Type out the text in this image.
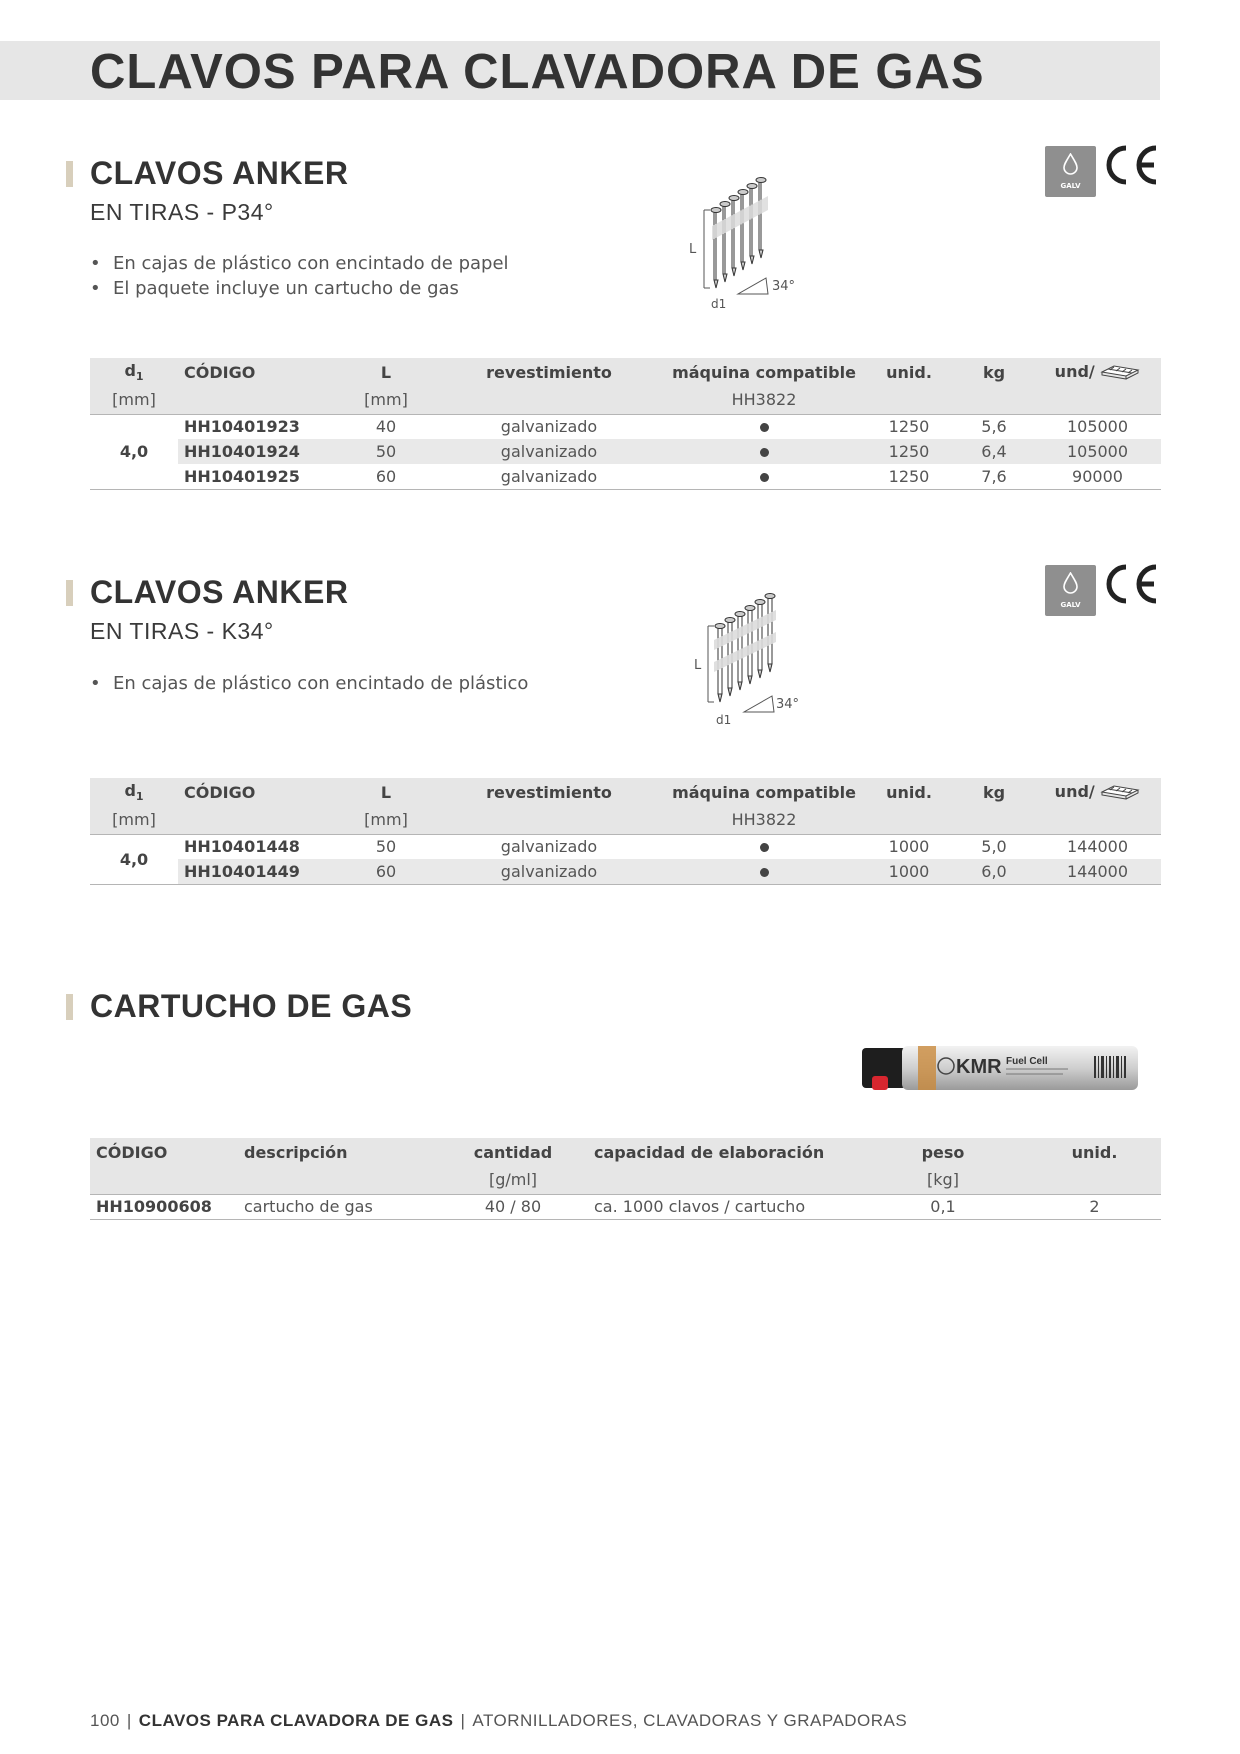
CLAVOS PARA CLAVADORA DE GAS
CLAVOS ANKER
EN TIRAS - P34°
• En cajas de plástico con encintado de papel
• El paquete incluye un cartucho de gas
L
d1
34°
GALV
$d_1$	CÓDIGO	L	revestimiento	máquina compatible	unid.	kg	und/
[mm]		[mm]		HH3822			
4,0	HH10401923	40	galvanizado		1250	5,6	105000
	HH10401924	50	galvanizado		1250	6,4	105000
	HH10401925	60	galvanizado		1250	7,6	90000
CLAVOS ANKER
EN TIRAS - K34°
• En cajas de plástico con encintado de plástico
L
d1
34°
GALV
$d_1$	CÓDIGO	L	revestimiento	máquina compatible	unid.	kg	und/
[mm]		[mm]		HH3822			
4,0	HH10401448	50	galvanizado		1000	5,0	144000
	HH10401449	60	galvanizado		1000	6,0	144000
CARTUCHO DE GAS
KMR Fuel Cell
CÓDIGO	descripción	cantidad	capacidad de elaboración	peso	unid.
		[g/ml]		[kg]	
HH10900608	cartucho de gas	40 / 80	ca. 1000 clavos / cartucho	0,1	2
100 | CLAVOS PARA CLAVADORA DE GAS | ATORNILLADORES, CLAVADORAS Y GRAPADORAS
